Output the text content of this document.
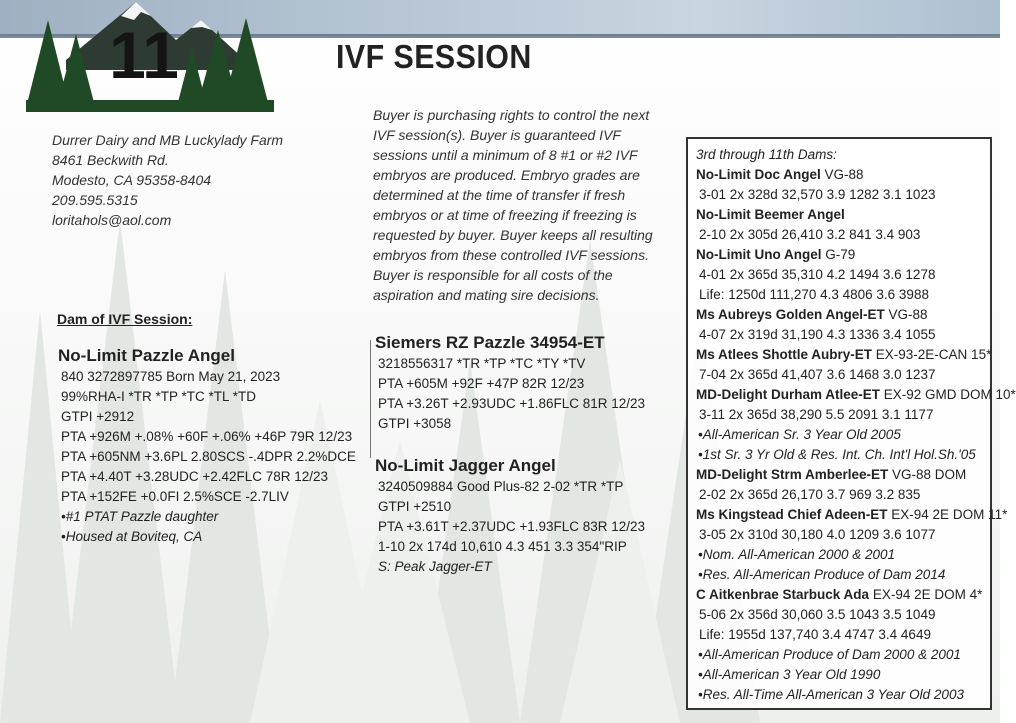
11	IVF SESSION
Durrer Dairy and MB Luckylady Farm
8461 Beckwith Rd.
Modesto, CA 95358-8404
209.595.5315
loritahols@aol.com
Buyer is purchasing rights to control the next IVF session(s). Buyer is guaranteed IVF sessions until a minimum of 8 #1 or #2 IVF embryos are produced. Embryo grades are determined at the time of transfer if fresh embryos or at time of freezing if freezing is requested by buyer. Buyer keeps all resulting embryos from these controlled IVF sessions. Buyer is responsible for all costs of the aspiration and mating sire decisions.
Dam of IVF Session:
No-Limit Pazzle Angel
840 3272897785 Born May 21, 2023
99%RHA-I *TR *TP *TC *TL *TD
GTPI +2912
PTA +926M +.08% +60F +.06% +46P 79R 12/23
PTA +605NM +3.6PL 2.80SCS -.4DPR 2.2%DCE
PTA +4.40T +3.28UDC +2.42FLC 78R 12/23
PTA +152FE +0.0FI 2.5%SCE -2.7LIV
•#1 PTAT Pazzle daughter
•Housed at Boviteq, CA
Siemers RZ Pazzle 34954-ET
3218556317 *TR *TP *TC *TY *TV
PTA +605M +92F +47P 82R 12/23
PTA +3.26T +2.93UDC +1.86FLC 81R 12/23
GTPI +3058
No-Limit Jagger Angel
3240509884 Good Plus-82 2-02 *TR *TP
GTPI +2510
PTA +3.61T +2.37UDC +1.93FLC 83R 12/23
1-10 2x 174d 10,610 4.3 451 3.3 354"RIP
S: Peak Jagger-ET
3rd through 11th Dams:
No-Limit Doc Angel VG-88
3-01 2x 328d 32,570 3.9 1282 3.1 1023
No-Limit Beemer Angel
2-10 2x 305d 26,410 3.2 841 3.4 903
No-Limit Uno Angel G-79
4-01 2x 365d 35,310 4.2 1494 3.6 1278
Life: 1250d 111,270 4.3 4806 3.6 3988
Ms Aubreys Golden Angel-ET VG-88
4-07 2x 319d 31,190 4.3 1336 3.4 1055
Ms Atlees Shottle Aubry-ET EX-93-2E-CAN 15*
7-04 2x 365d 41,407 3.6 1468 3.0 1237
MD-Delight Durham Atlee-ET EX-92 GMD DOM 10*
3-11 2x 365d 38,290 5.5 2091 3.1 1177
•All-American Sr. 3 Year Old 2005
•1st Sr. 3 Yr Old & Res. Int. Ch. Int'l Hol.Sh.'05
MD-Delight Strm Amberlee-ET VG-88 DOM
2-02 2x 365d 26,170 3.7 969 3.2 835
Ms Kingstead Chief Adeen-ET EX-94 2E DOM 11*
3-05 2x 310d 30,180 4.0 1209 3.6 1077
•Nom. All-American 2000 & 2001
•Res. All-American Produce of Dam 2014
C Aitkenbrae Starbuck Ada EX-94 2E DOM 4*
5-06 2x 356d 30,060 3.5 1043 3.5 1049
Life: 1955d 137,740 3.4 4747 3.4 4649
•All-American Produce of Dam 2000 & 2001
•All-American 3 Year Old 1990
•Res. All-Time All-American 3 Year Old 2003
